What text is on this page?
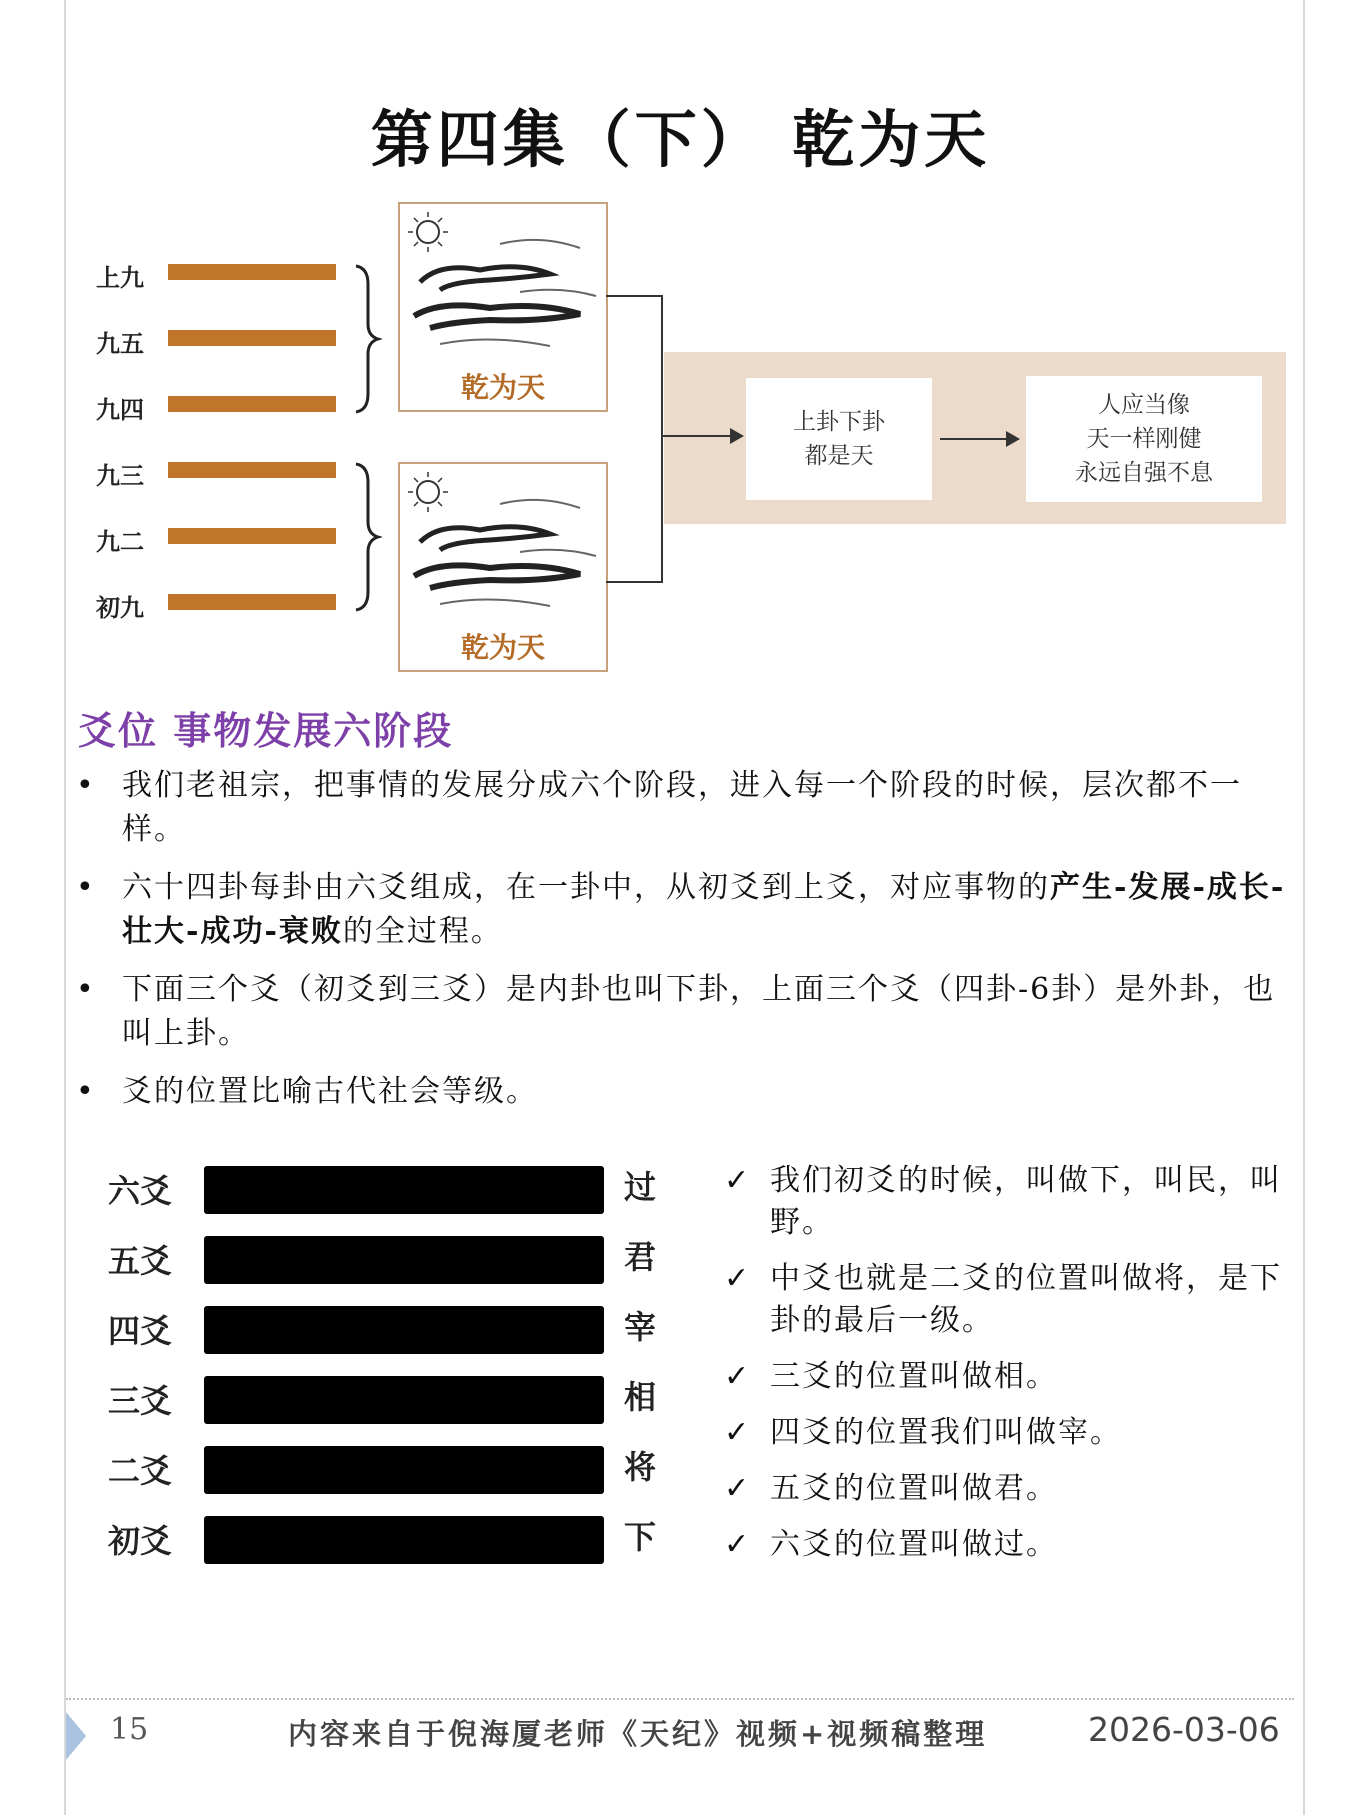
第四集（下） 乾为天
上九
九五
九四
九三
九二
初九
乾为天
乾为天
上卦下卦
都是天
人应当像
天一样刚健
永远自强不息
爻位 事物发展六阶段
• 我们老祖宗，把事情的发展分成六个阶段，进入每一个阶段的时候，层次都不一样。
• 六十四卦每卦由六爻组成，在一卦中，从初爻到上爻，对应事物的产生-发展-成长-壮大-成功-衰败的全过程。
• 下面三个爻（初爻到三爻）是内卦也叫下卦，上面三个爻（四卦-6卦）是外卦，也叫上卦。
• 爻的位置比喻古代社会等级。
六爻
五爻
四爻
三爻
二爻
初爻
过
君
宰
相
将
下
✓ 我们初爻的时候，叫做下，叫民，叫野。
✓ 中爻也就是二爻的位置叫做将，是下卦的最后一级。
✓ 三爻的位置叫做相。
✓ 四爻的位置我们叫做宰。
✓ 五爻的位置叫做君。
✓ 六爻的位置叫做过。
15	内容来自于倪海厦老师《天纪》视频+视频稿整理	2026-03-06
